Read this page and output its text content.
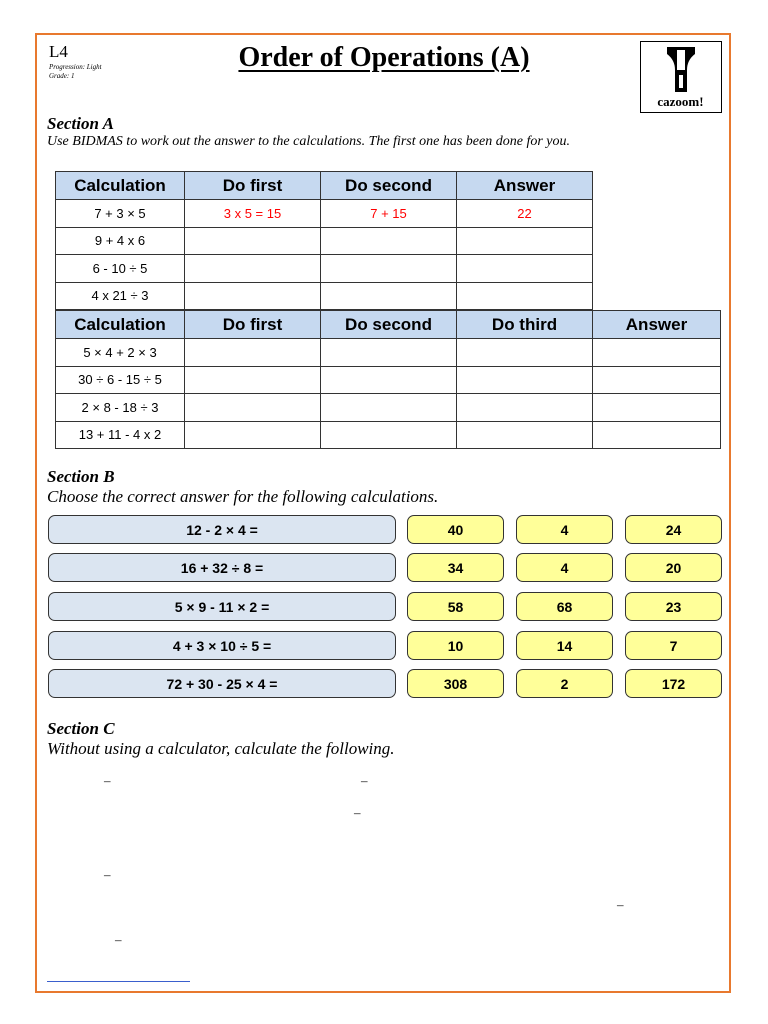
L4
Progression: Light
Grade: 1
Order of Operations (A)
cazoom!
Section A
Use BIDMAS to work out the answer to the calculations. The first one has been done for you.
Calculation	Do first	Do second	Answer
7 + 3 × 5	3 x 5 = 15	7 + 15	22
9 + 4 x 6			
6 - 10 ÷ 5			
4 x 21 ÷ 3			
Calculation	Do first	Do second	Do third	Answer
5 × 4 + 2 × 3				
30 ÷ 6 - 15 ÷ 5				
2 × 8 - 18 ÷ 3				
13 + 11 - 4 x 2				
Section B
Choose the correct answer for the following calculations.
12 - 2 × 4 =	40	4	24
16 + 32 ÷ 8 =	34	4	20
5 × 9 - 11 × 2 =	58	68	23
4 + 3 × 10 ÷ 5 =	10	14	7
72 + 30 - 25 × 4 =	308	2	172
Section C
Without using a calculator, calculate the following.
–	–
–
–
–
–
